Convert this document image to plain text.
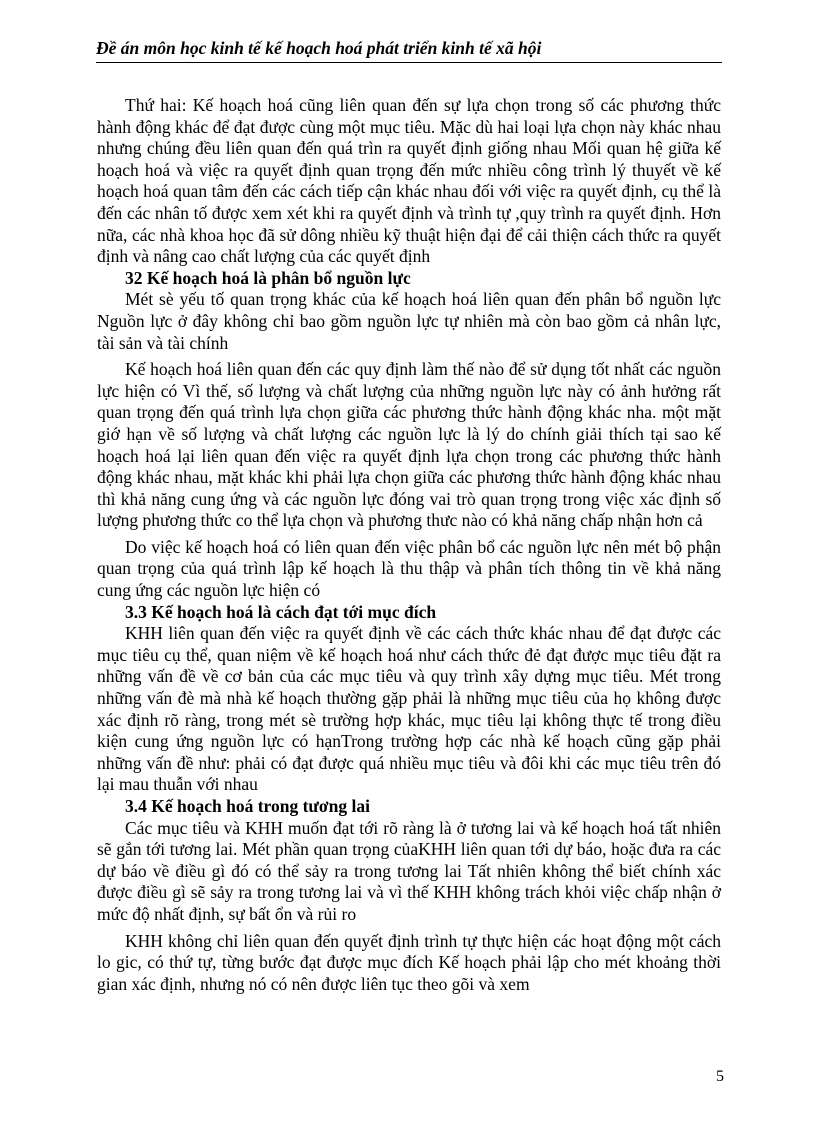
Đề án môn học kinh tế kế hoạch hoá phát triển kinh tế xã hội

Thứ hai: Kế hoạch hoá cũng liên quan đến sự lựa chọn trong số các phương thức hành động khác để đạt được cùng một mục tiêu. Mặc dù hai loại lựa chọn này khác nhau nhưng chúng đều liên quan đến quá trìn ra quyết định giống nhau Mối quan hệ giữa kế hoạch hoá và việc ra quyết định quan trọng đến mức nhiều công trình lý thuyết về kế hoạch hoá quan tâm đến các cách tiếp cận khác nhau đối với việc ra quyết định, cụ thể là đến các nhân tố được xem xét khi ra quyết định và trình tự ,quy trình ra quyết định. Hơn nữa, các nhà khoa học đã sử dông nhiều kỹ thuật hiện đại để cải thiện cách thức ra quyết định và nâng cao chất lượng của các quyết định

32 Kế hoạch hoá là phân bổ nguồn lực

Mét sè yếu tố quan trọng khác của kế hoạch hoá liên quan đến phân bổ nguồn lực Nguồn lực ở đây không chỉ bao gồm nguồn lực tự nhiên mà còn bao gồm cả nhân lực, tài sản và tài chính

Kế hoạch hoá liên quan đến các quy định làm thế nào để sử dụng tốt nhất các nguồn lực hiện có Vì thế, số lượng và chất lượng của những nguồn lực này có ảnh hưởng rất quan trọng đến quá trình lựa chọn giữa các phương thức hành động khác nha. một mặt giớ hạn về số lượng và chất lượng các nguồn lực là lý do chính giải thích tại sao kế hoạch hoá lại liên quan đến việc ra quyết định lựa chọn trong các phương thức hành động khác nhau, mặt khác khi phải lựa chọn giữa các phương thức hành động khác nhau thì khả năng cung ứng và các nguồn lực đóng vai trò quan trọng trong việc xác định số lượng phương thức co thể lựa chọn và phương thưc nào có khả năng chấp nhận hơn cả

Do việc kế hoạch hoá có liên quan đến việc phân bổ các nguồn lực nên mét bộ phận quan trọng của quá trình lập kế hoạch là thu thập và phân tích thông tin về khả năng cung ứng các nguồn lực hiện có

3.3 Kế hoạch hoá là cách đạt tới mục đích

KHH liên quan đến việc ra quyết định về các cách thức khác nhau để đạt được các mục tiêu cụ thể, quan niệm về kế hoạch hoá như cách thức đẻ đạt được mục tiêu đặt ra những vấn đề về cơ bản của các mục tiêu và quy trình xây dựng mục tiêu. Mét trong những vấn đè mà nhà kế hoạch thường gặp phải là những mục tiêu của họ không được xác định rõ ràng, trong mét sè trường hợp khác, mục tiêu lại không thực tế trong điều kiện cung ứng nguồn lực có hạnTrong trường hợp các nhà kế hoạch cũng gặp phải những vấn đề như: phải có đạt được quá nhiều mục tiêu và đôi khi các mục tiêu trên đó lại mau thuẫn với nhau

3.4 Kế hoạch hoá trong tương lai

Các mục tiêu và KHH muốn đạt tới rõ ràng là ở tương lai và kế hoạch hoá tất nhiên sẽ gắn tới tương lai. Mét phần quan trọng củaKHH liên quan tới dự báo, hoặc đưa ra các dự báo về điều gì đó có thể sảy ra trong tương lai Tất nhiên không thể biết chính xác được điều gì sẽ sảy ra trong tương lai và vì thế KHH không trách khỏi việc chấp nhận ở mức độ nhất định, sự bất ổn và rủi ro

KHH không chỉ liên quan đến quyết định trình tự thực hiện các hoạt động một cách lo gic, có thứ tự, từng bước đạt được mục đích Kế hoạch phải lập cho mét khoảng thời gian xác định, nhưng nó có nên được liên tục theo gõi và xem

5
